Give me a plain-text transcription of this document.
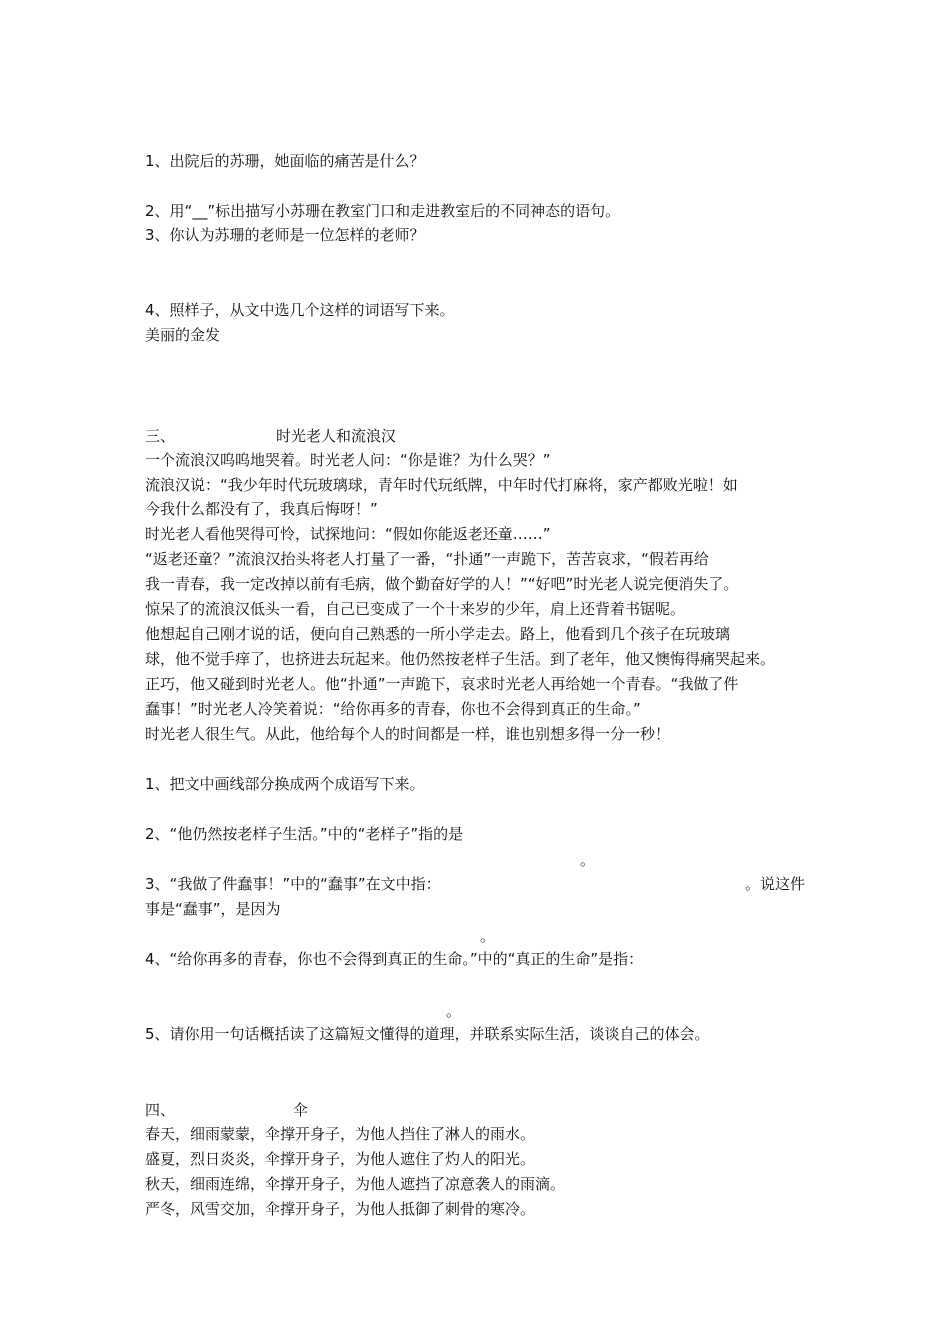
1、出院后的苏珊，她面临的痛苦是什么？
2、用“__”标出描写小苏珊在教室门口和走进教室后的不同神态的语句。
3、你认为苏珊的老师是一位怎样的老师？
4、照样子，从文中选几个这样的词语写下来。
美丽的金发
三、	时光老人和流浪汉
一个流浪汉呜呜地哭着。时光老人问：“你是谁？为什么哭？”
流浪汉说：“我少年时代玩玻璃球，青年时代玩纸牌，中年时代打麻将，家产都败光啦！如
今我什么都没有了，我真后悔呀！”
时光老人看他哭得可怜，试探地问：“假如你能返老还童……”
“返老还童？”流浪汉抬头将老人打量了一番，“扑通”一声跪下，苦苦哀求，“假若再给
我一青春，我一定改掉以前有毛病，做个勤奋好学的人！”“好吧”时光老人说完便消失了。
惊呆了的流浪汉低头一看，自己已变成了一个十来岁的少年，肩上还背着书锯呢。
他想起自己刚才说的话，便向自己熟悉的一所小学走去。路上，他看到几个孩子在玩玻璃
球，他不觉手痒了，也挤进去玩起来。他仍然按老样子生活。到了老年，他又懊悔得痛哭起来。
正巧，他又碰到时光老人。他“扑通”一声跪下，哀求时光老人再给她一个青春。“我做了件
蠢事！”时光老人冷笑着说：“给你再多的青春，你也不会得到真正的生命。”
时光老人很生气。从此，他给每个人的时间都是一样，谁也别想多得一分一秒！
1、把文中画线部分换成两个成语写下来。
2、“他仍然按老样子生活。”中的“老样子”指的是
。
3、“我做了件蠢事！”中的“蠢事”在文中指：	。说这件
事是“蠢事”，是因为
。
4、“给你再多的青春，你也不会得到真正的生命。”中的“真正的生命”是指：
。
5、请你用一句话概括读了这篇短文懂得的道理，并联系实际生活，谈谈自己的体会。
四、	伞
春天，细雨蒙蒙，伞撑开身子，为他人挡住了淋人的雨水。
盛夏，烈日炎炎，伞撑开身子，为他人遮住了灼人的阳光。
秋天，细雨连绵，伞撑开身子，为他人遮挡了凉意袭人的雨滴。
严冬，风雪交加，伞撑开身子，为他人抵御了刺骨的寒冷。
